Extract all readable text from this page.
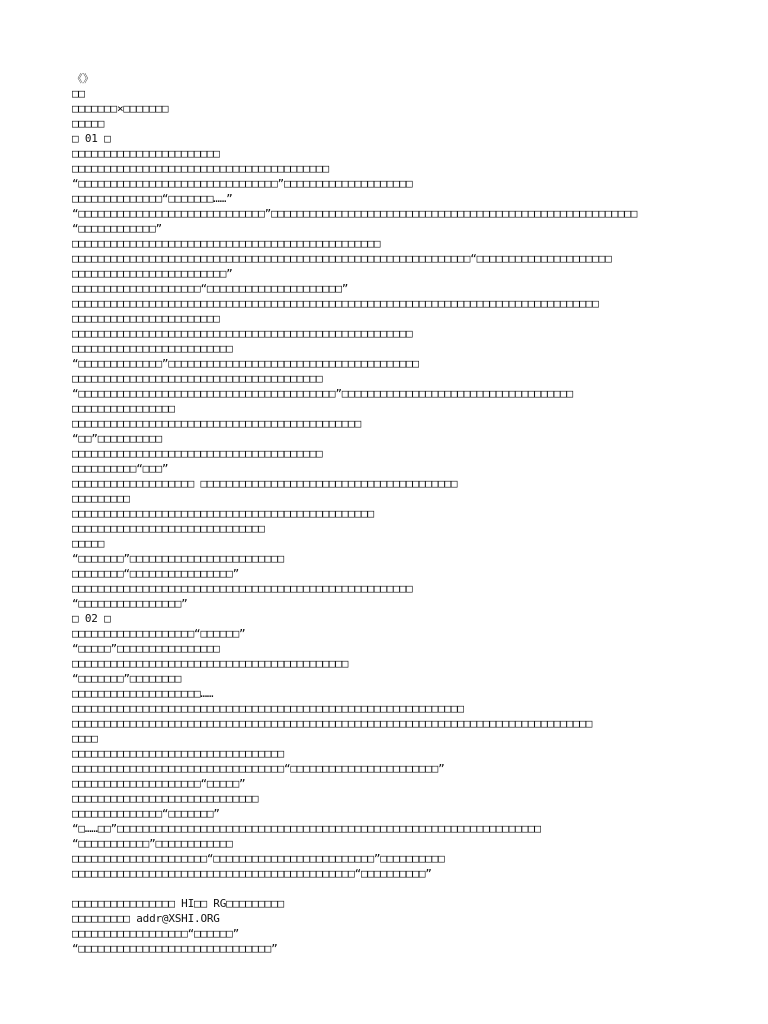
《》
□□
□□□□□□□×□□□□□□□
□□□□□
□ 01 □
□□□□□□□□□□□□□□□□□□□□□□□
□□□□□□□□□□□□□□□□□□□□□□□□□□□□□□□□□□□□□□□□
“□□□□□□□□□□□□□□□□□□□□□□□□□□□□□□□”□□□□□□□□□□□□□□□□□□□□
□□□□□□□□□□□□□□“□□□□□□□……”
“□□□□□□□□□□□□□□□□□□□□□□□□□□□□□”□□□□□□□□□□□□□□□□□□□□□□□□□□□□□□□□□□□□□□□□□□□□□□□□□□□□□□□□□
“□□□□□□□□□□□□”
□□□□□□□□□□□□□□□□□□□□□□□□□□□□□□□□□□□□□□□□□□□□□□□□
□□□□□□□□□□□□□□□□□□□□□□□□□□□□□□□□□□□□□□□□□□□□□□□□□□□□□□□□□□□□□□“□□□□□□□□□□□□□□□□□□□□□
□□□□□□□□□□□□□□□□□□□□□□□□”
□□□□□□□□□□□□□□□□□□□□“□□□□□□□□□□□□□□□□□□□□□”
□□□□□□□□□□□□□□□□□□□□□□□□□□□□□□□□□□□□□□□□□□□□□□□□□□□□□□□□□□□□□□□□□□□□□□□□□□□□□□□□□□
□□□□□□□□□□□□□□□□□□□□□□□
□□□□□□□□□□□□□□□□□□□□□□□□□□□□□□□□□□□□□□□□□□□□□□□□□□□□□
□□□□□□□□□□□□□□□□□□□□□□□□□
“□□□□□□□□□□□□□”□□□□□□□□□□□□□□□□□□□□□□□□□□□□□□□□□□□□□□□
□□□□□□□□□□□□□□□□□□□□□□□□□□□□□□□□□□□□□□□
“□□□□□□□□□□□□□□□□□□□□□□□□□□□□□□□□□□□□□□□□”□□□□□□□□□□□□□□□□□□□□□□□□□□□□□□□□□□□□
□□□□□□□□□□□□□□□□
□□□□□□□□□□□□□□□□□□□□□□□□□□□□□□□□□□□□□□□□□□□□□
“□□”□□□□□□□□□□
□□□□□□□□□□□□□□□□□□□□□□□□□□□□□□□□□□□□□□□
□□□□□□□□□□“□□□”
□□□□□□□□□□□□□□□□□□□ □□□□□□□□□□□□□□□□□□□□□□□□□□□□□□□□□□□□□□□□
□□□□□□□□□
□□□□□□□□□□□□□□□□□□□□□□□□□□□□□□□□□□□□□□□□□□□□□□□
□□□□□□□□□□□□□□□□□□□□□□□□□□□□□□
□□□□□
“□□□□□□□”□□□□□□□□□□□□□□□□□□□□□□□□
□□□□□□□□“□□□□□□□□□□□□□□□□”
□□□□□□□□□□□□□□□□□□□□□□□□□□□□□□□□□□□□□□□□□□□□□□□□□□□□□
“□□□□□□□□□□□□□□□□”
□ 02 □
□□□□□□□□□□□□□□□□□□□“□□□□□□”
“□□□□□”□□□□□□□□□□□□□□□□
□□□□□□□□□□□□□□□□□□□□□□□□□□□□□□□□□□□□□□□□□□□
“□□□□□□□”□□□□□□□□
□□□□□□□□□□□□□□□□□□□□……
□□□□□□□□□□□□□□□□□□□□□□□□□□□□□□□□□□□□□□□□□□□□□□□□□□□□□□□□□□□□□
□□□□□□□□□□□□□□□□□□□□□□□□□□□□□□□□□□□□□□□□□□□□□□□□□□□□□□□□□□□□□□□□□□□□□□□□□□□□□□□□□
□□□□
□□□□□□□□□□□□□□□□□□□□□□□□□□□□□□□□□
□□□□□□□□□□□□□□□□□□□□□□□□□□□□□□□□□“□□□□□□□□□□□□□□□□□□□□□□□”
□□□□□□□□□□□□□□□□□□□□“□□□□□”
□□□□□□□□□□□□□□□□□□□□□□□□□□□□□
□□□□□□□□□□□□□□“□□□□□□□”
“□……□□”□□□□□□□□□□□□□□□□□□□□□□□□□□□□□□□□□□□□□□□□□□□□□□□□□□□□□□□□□□□□□□□□□□
“□□□□□□□□□□□”□□□□□□□□□□□□
□□□□□□□□□□□□□□□□□□□□□“□□□□□□□□□□□□□□□□□□□□□□□□□”□□□□□□□□□□
□□□□□□□□□□□□□□□□□□□□□□□□□□□□□□□□□□□□□□□□□□□□“□□□□□□□□□□”
□□□□□□□□□□□□□□□□ HI□□ RG□□□□□□□□□
□□□□□□□□□ addr@XSHI.ORG
□□□□□□□□□□□□□□□□□□“□□□□□□”
“□□□□□□□□□□□□□□□□□□□□□□□□□□□□□□”
